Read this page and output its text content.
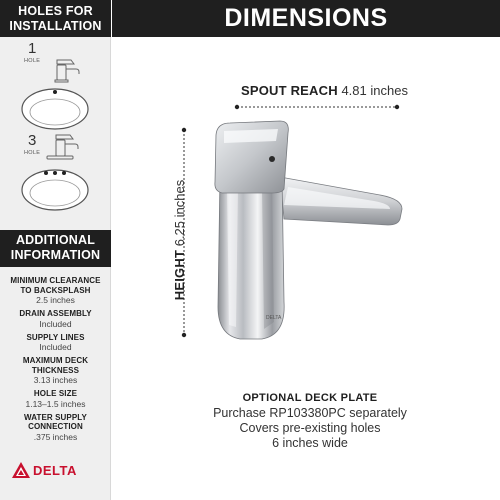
HOLES FOR
INSTALLATION
1
HOLE
3
HOLE
ADDITIONAL
INFORMATION
MINIMUM CLEARANCE TO BACKSPLASH
2.5 inches
DRAIN ASSEMBLY
Included
SUPPLY LINES
Included
MAXIMUM DECK THICKNESS
3.13 inches
HOLE SIZE
1.13–1.5 inches
WATER SUPPLY CONNECTION
.375 inches
DELTA
DIMENSIONS
SPOUT REACH 4.81 inches
DELTA
HEIGHT 6.25 inches
OPTIONAL DECK PLATE
Purchase RP103380PC separately
Covers pre-existing holes
6 inches wide
